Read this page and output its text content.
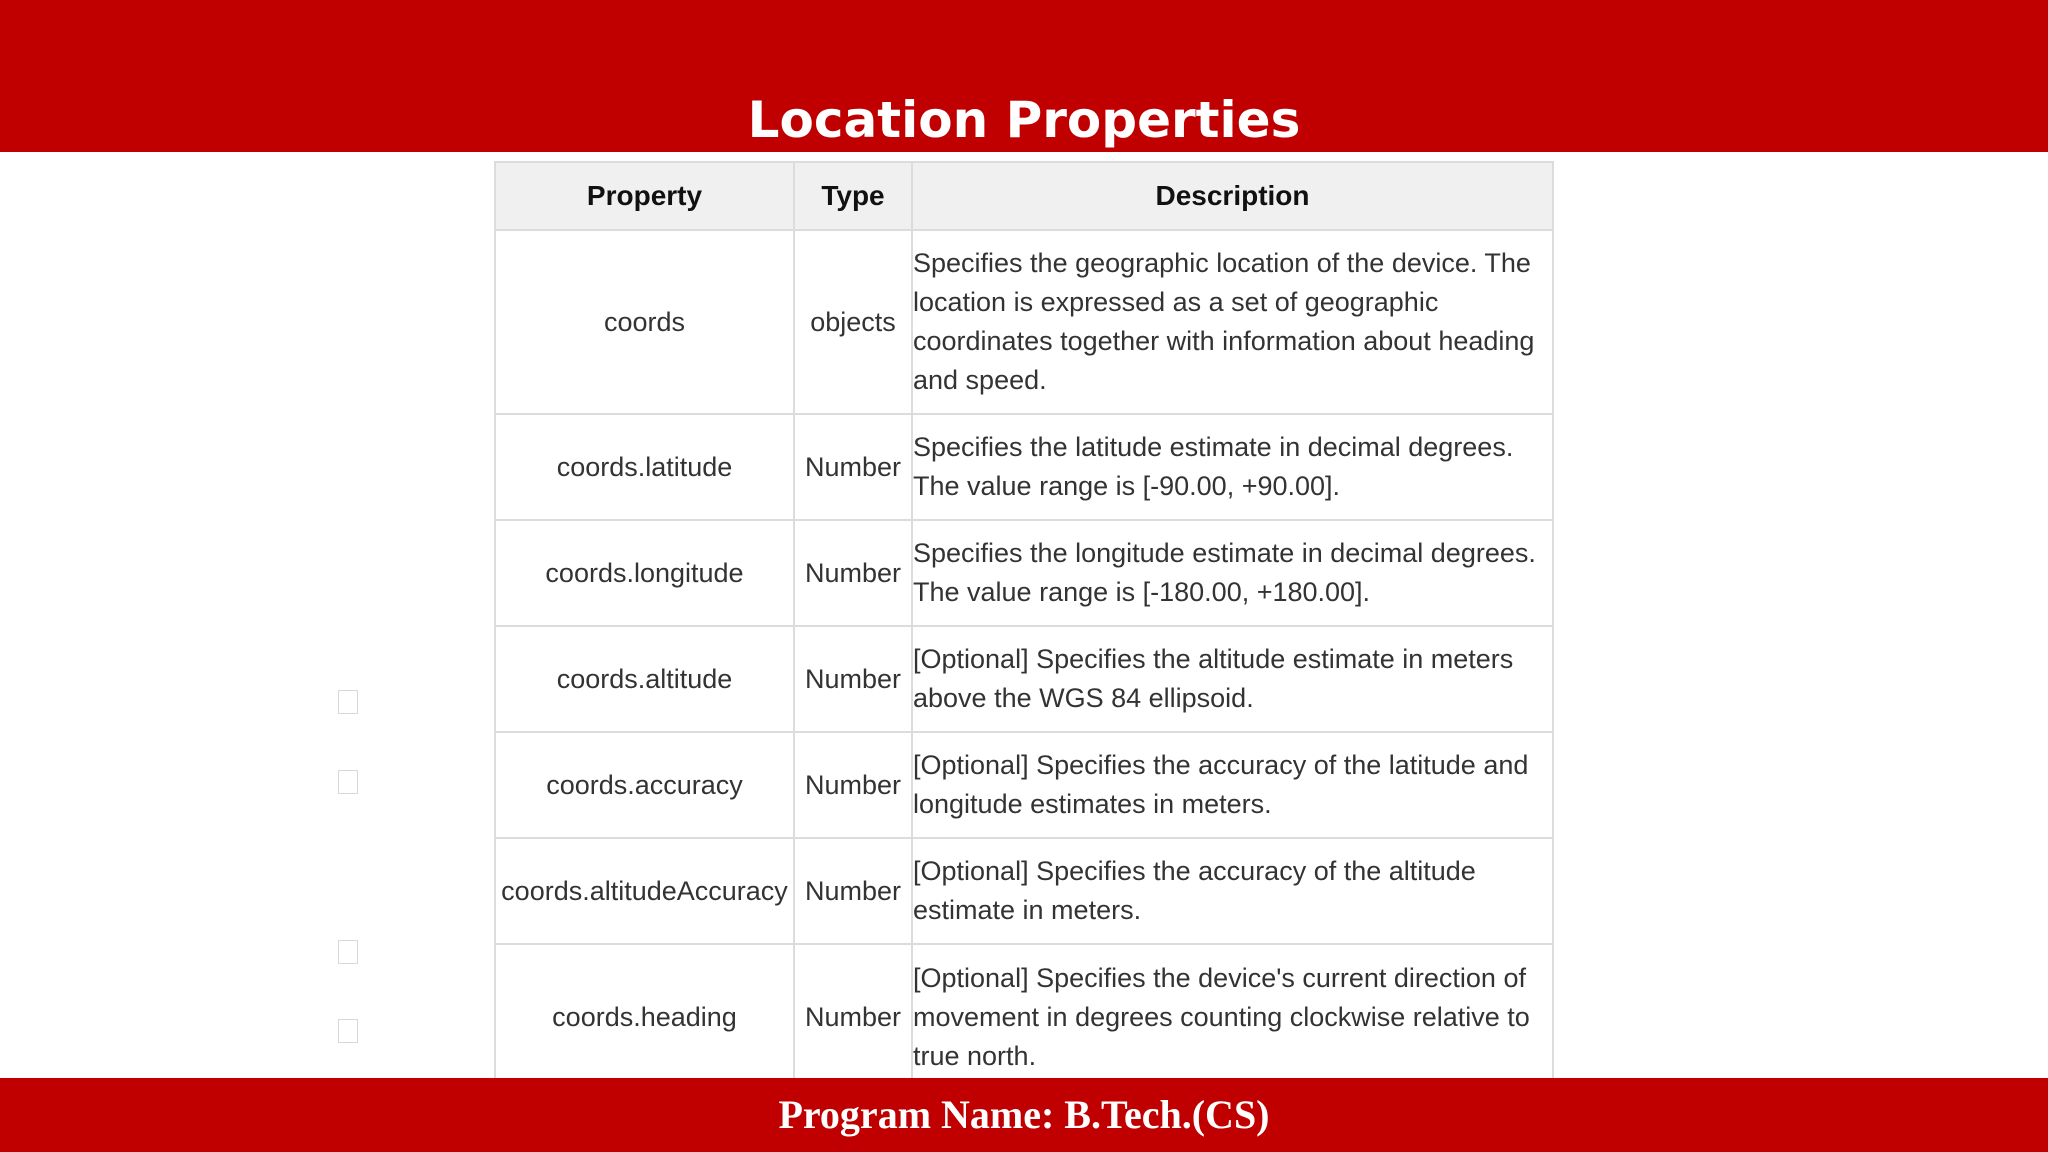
Location Properties
Property	Type	Description
coords	objects	Specifies the geographic location of the device. The location is expressed as a set of geographic coordinates together with information about heading and speed.
coords.latitude	Number	Specifies the latitude estimate in decimal degrees. The value range is [-90.00, +90.00].
coords.longitude	Number	Specifies the longitude estimate in decimal degrees. The value range is [-180.00, +180.00].
coords.altitude	Number	[Optional] Specifies the altitude estimate in meters above the WGS 84 ellipsoid.
coords.accuracy	Number	[Optional] Specifies the accuracy of the latitude and longitude estimates in meters.
coords.altitudeAccuracy	Number	[Optional] Specifies the accuracy of the altitude estimate in meters.
coords.heading	Number	[Optional] Specifies the device's current direction of movement in degrees counting clockwise relative to true north.

Program Name: B.Tech.(CS)
